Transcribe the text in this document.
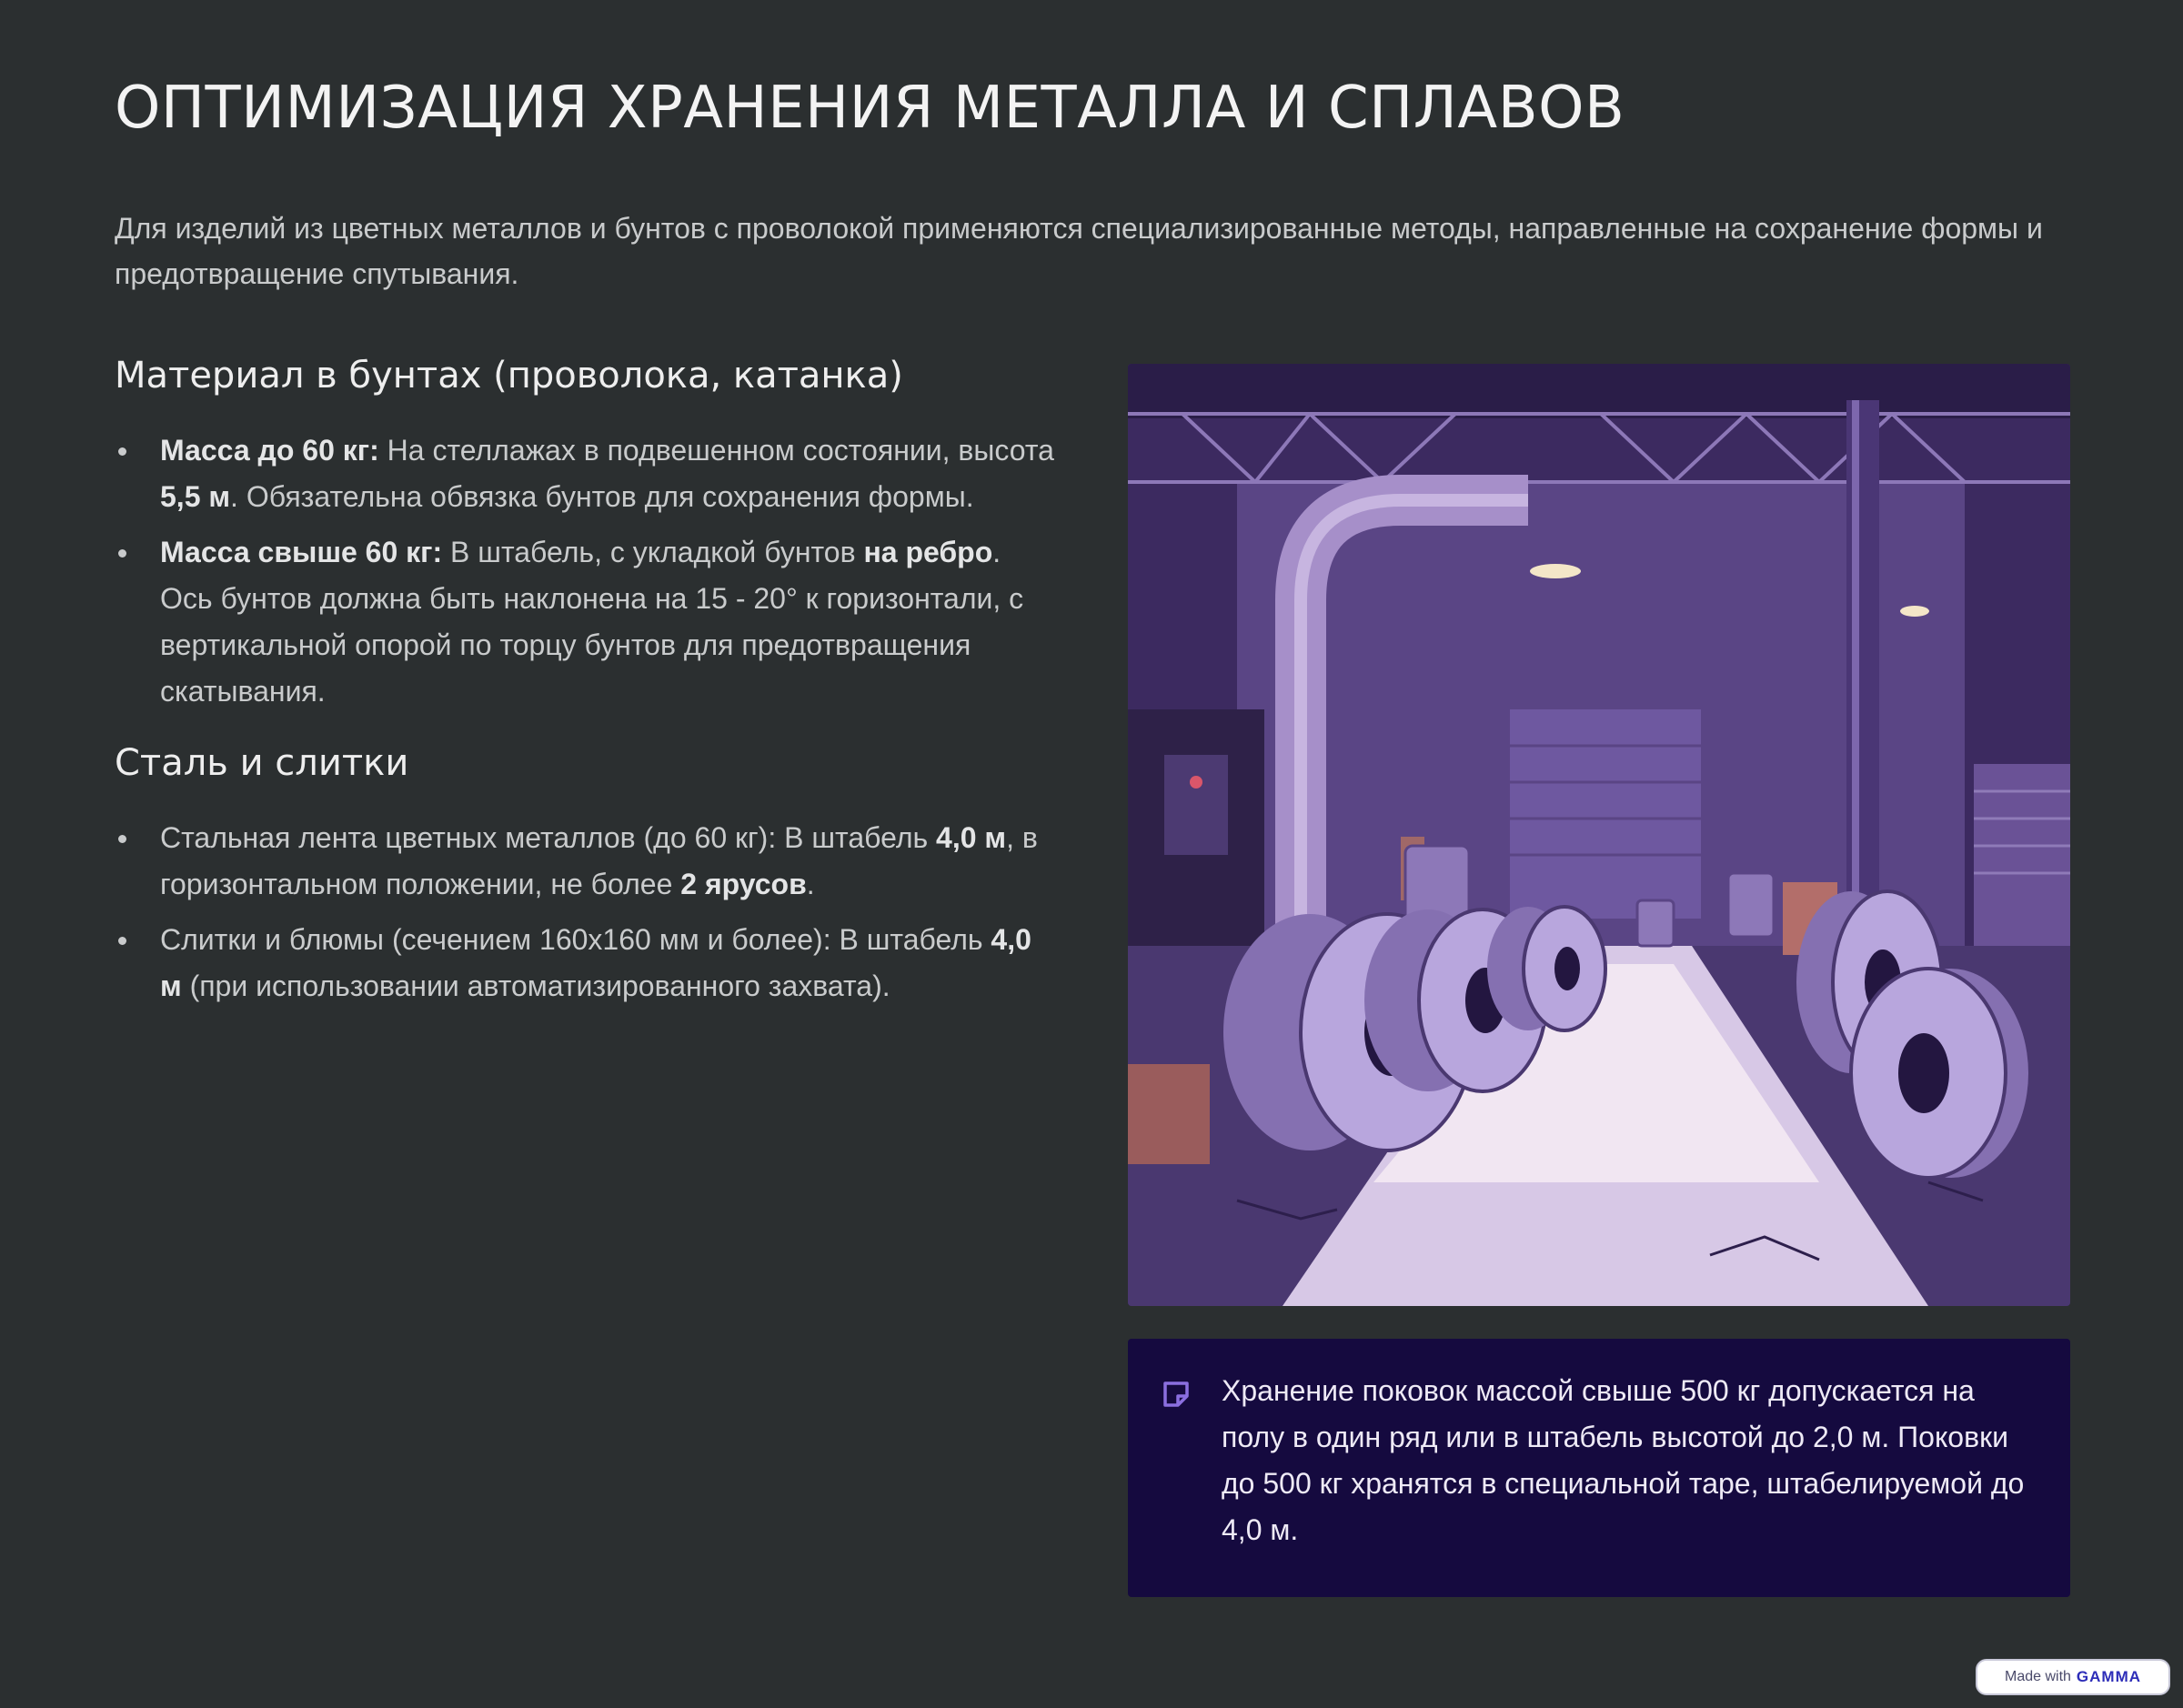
ОПТИМИЗАЦИЯ ХРАНЕНИЯ МЕТАЛЛА И СПЛАВОВ

Для изделий из цветных металлов и бунтов с проволокой применяются специализированные методы, направленные на сохранение формы и предотвращение спутывания.

Материал в бунтах (проволока, катанка)
Масса до 60 кг: На стеллажах в подвешенном состоянии, высота 5,5 м. Обязательна обвязка бунтов для сохранения формы.
Масса свыше 60 кг: В штабель, с укладкой бунтов на ребро. Ось бунтов должна быть наклонена на 15 - 20° к горизонтали, с вертикальной опорой по торцу бунтов для предотвращения скатывания.
Сталь и слитки
Стальная лента цветных металлов (до 60 кг): В штабель 4,0 м, в горизонтальном положении, не более 2 ярусов.
Слитки и блюмы (сечением 160x160 мм и более): В штабель 4,0 м (при использовании автоматизированного захвата).

Хранение поковок массой свыше 500 кг допускается на полу в один ряд или в штабель высотой до 2,0 м. Поковки до 500 кг хранятся в специальной таре, штабелируемой до 4,0 м.

Made with GAMMA
